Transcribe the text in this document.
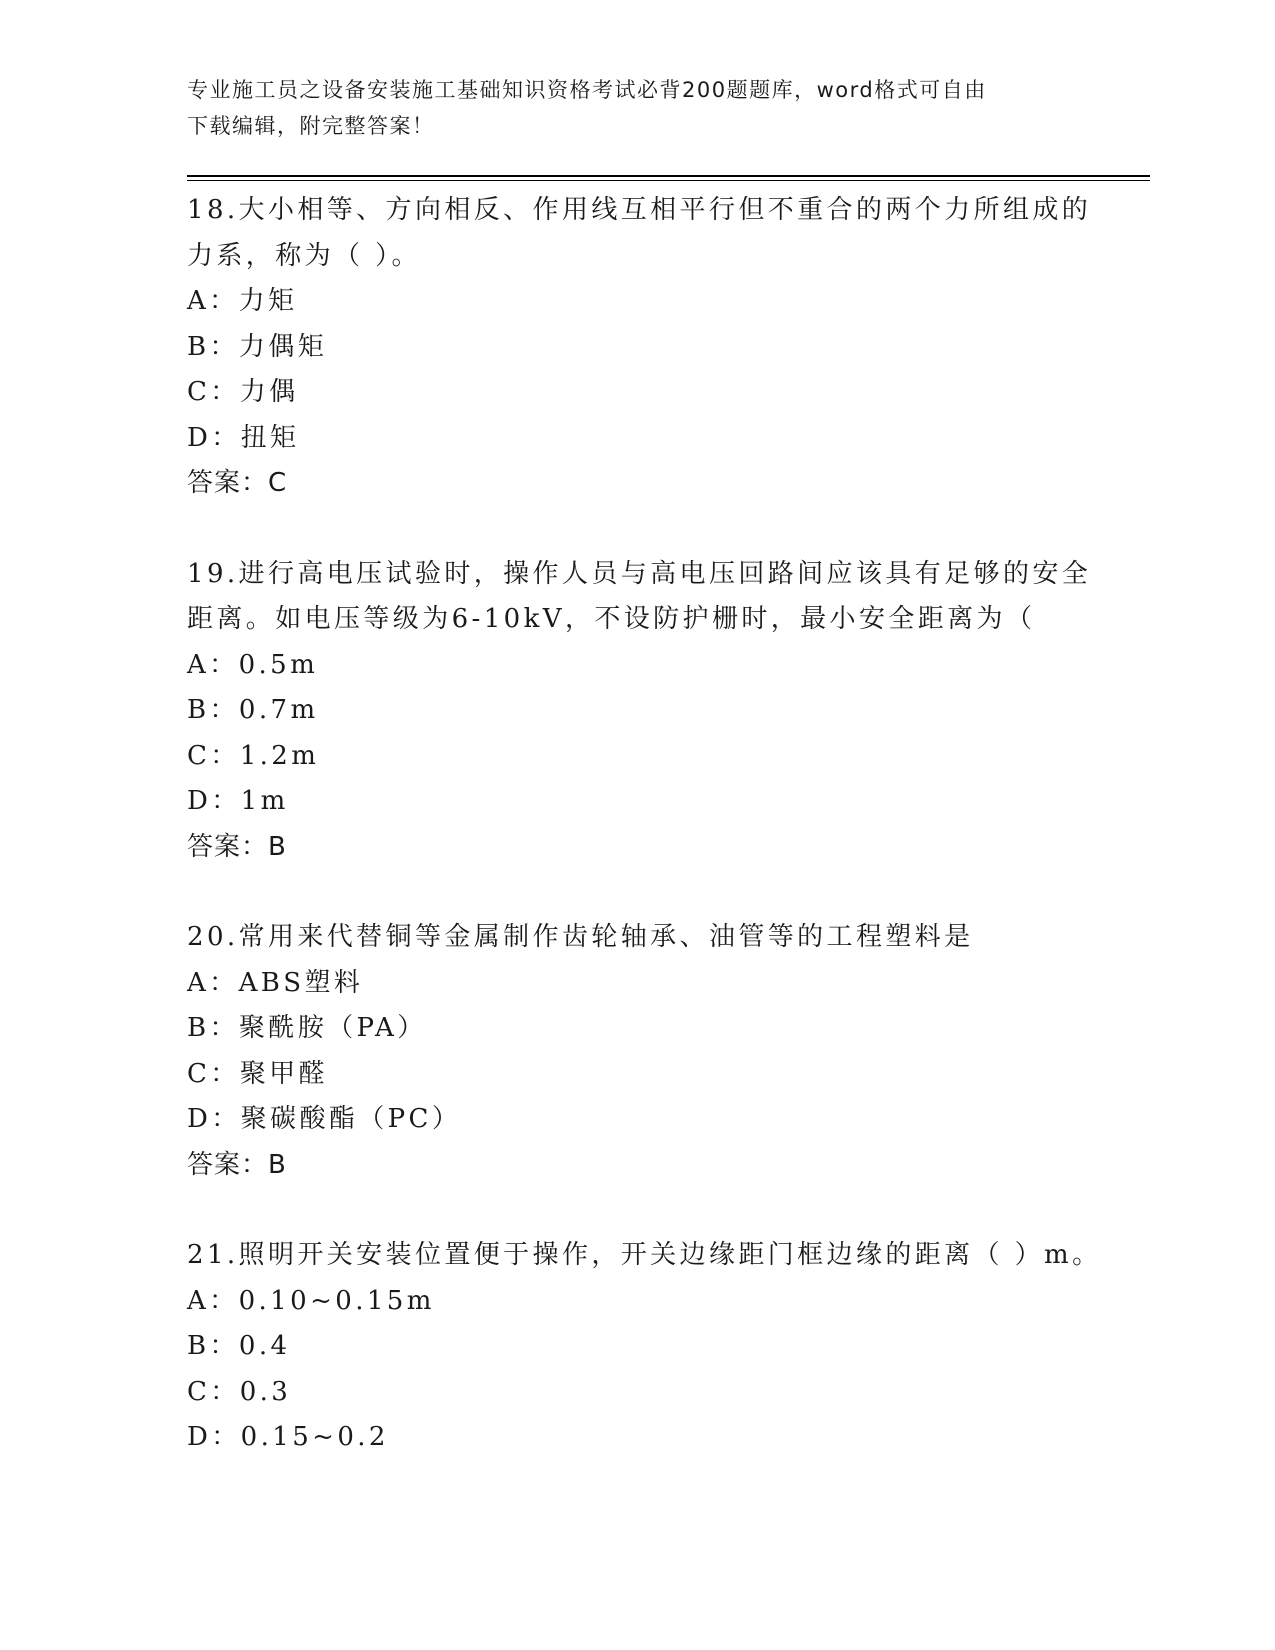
专业施工员之设备安装施工基础知识资格考试必背200题题库，word格式可自由
下载编辑，附完整答案！
18.大小相等、方向相反、作用线互相平行但不重合的两个力所组成的
力系，称为（ ）。
A：力矩
B：力偶矩
C：力偶
D：扭矩
答案：C
19.进行高电压试验时，操作人员与高电压回路间应该具有足够的安全
距离。如电压等级为6-10kV，不设防护栅时，最小安全距离为（
A：0.5m
B：0.7m
C：1.2m
D：1m
答案：B
20.常用来代替铜等金属制作齿轮轴承、油管等的工程塑料是
A：ABS塑料
B：聚酰胺（PA）
C：聚甲醛
D：聚碳酸酯（PC）
答案：B
21.照明开关安装位置便于操作，开关边缘距门框边缘的距离（ ）m。
A：0.10~0.15m
B：0.4
C：0.3
D：0.15~0.2
